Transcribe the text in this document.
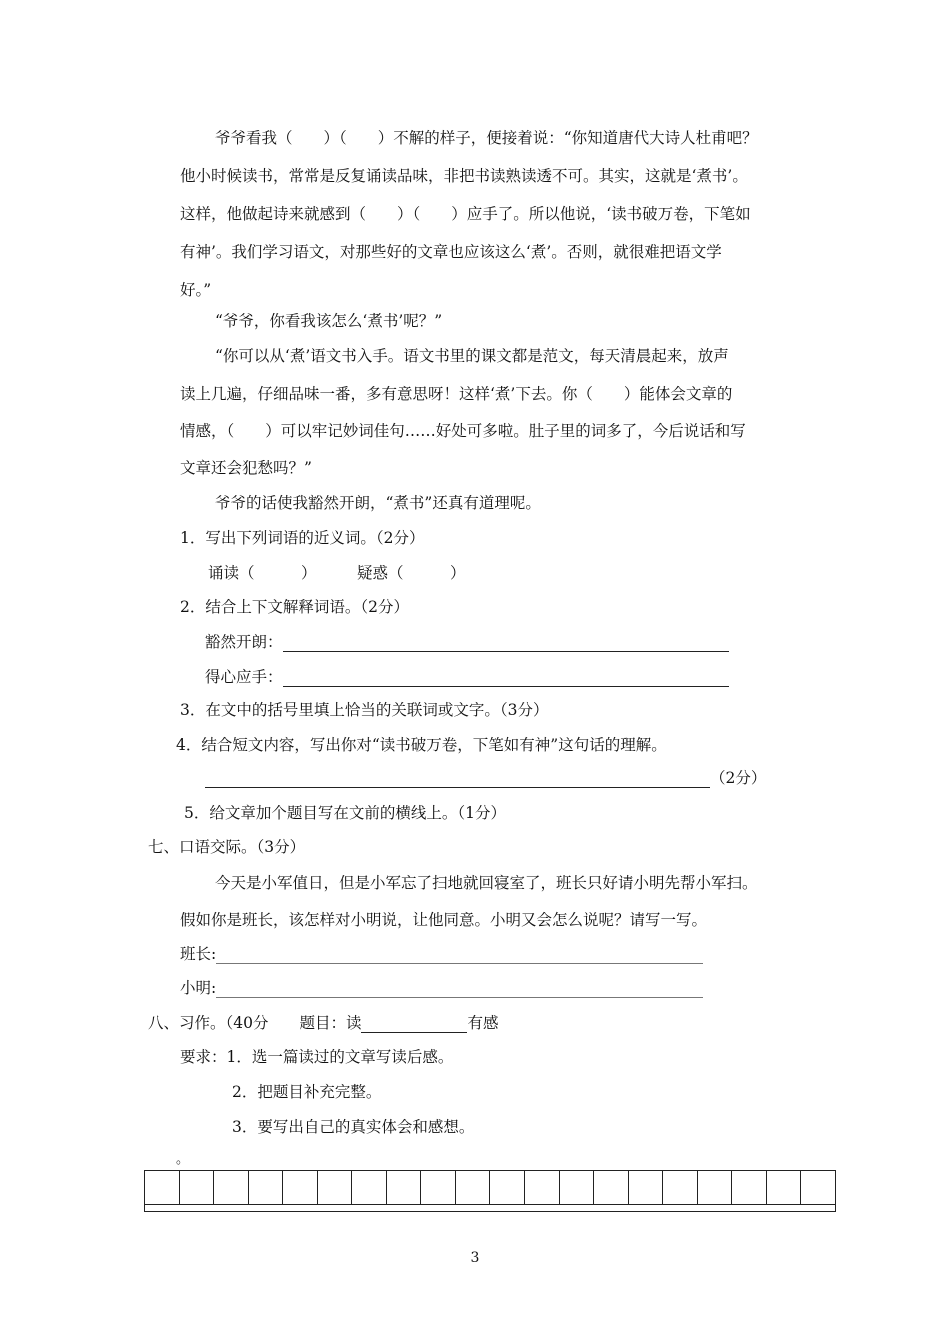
爷爷看我（　　）（　　）不解的样子，便接着说：“你知道唐代大诗人杜甫吧？
他小时候读书，常常是反复诵读品味，非把书读熟读透不可。其实，这就是‘煮书’。
这样，他做起诗来就感到（　　）（　　）应手了。所以他说，‘读书破万卷，下笔如
有神’。我们学习语文，对那些好的文章也应该这么‘煮’。否则，就很难把语文学
好。”
“爷爷，你看我该怎么‘煮书’呢？”
“你可以从‘煮’语文书入手。语文书里的课文都是范文，每天清晨起来，放声
读上几遍，仔细品味一番，多有意思呀！这样‘煮’下去。你（　　）能体会文章的
情感，（　　）可以牢记妙词佳句……好处可多啦。肚子里的词多了，今后说话和写
文章还会犯愁吗？”
爷爷的话使我豁然开朗，“煮书”还真有道理呢。
1．写出下列词语的近义词。（2分）
诵读（　　　）	疑惑（　　　）
2．结合上下文解释词语。（2分）
豁然开朗：
得心应手：
3．在文中的括号里填上恰当的关联词或文字。（3分）
4．结合短文内容，写出你对“读书破万卷，下笔如有神”这句话的理解。
（2分）
5．给文章加个题目写在文前的横线上。（1分）
七、口语交际。（3分）
今天是小军值日，但是小军忘了扫地就回寝室了，班长只好请小明先帮小军扫。
假如你是班长，该怎样对小明说，让他同意。小明又会怎么说呢？请写一写。
班长:
小明:
八、习作。（40分　　题目：读	有感
要求：1．选一篇读过的文章写读后感。
2．把题目补充完整。
3．要写出自己的真实体会和感想。
。
3
